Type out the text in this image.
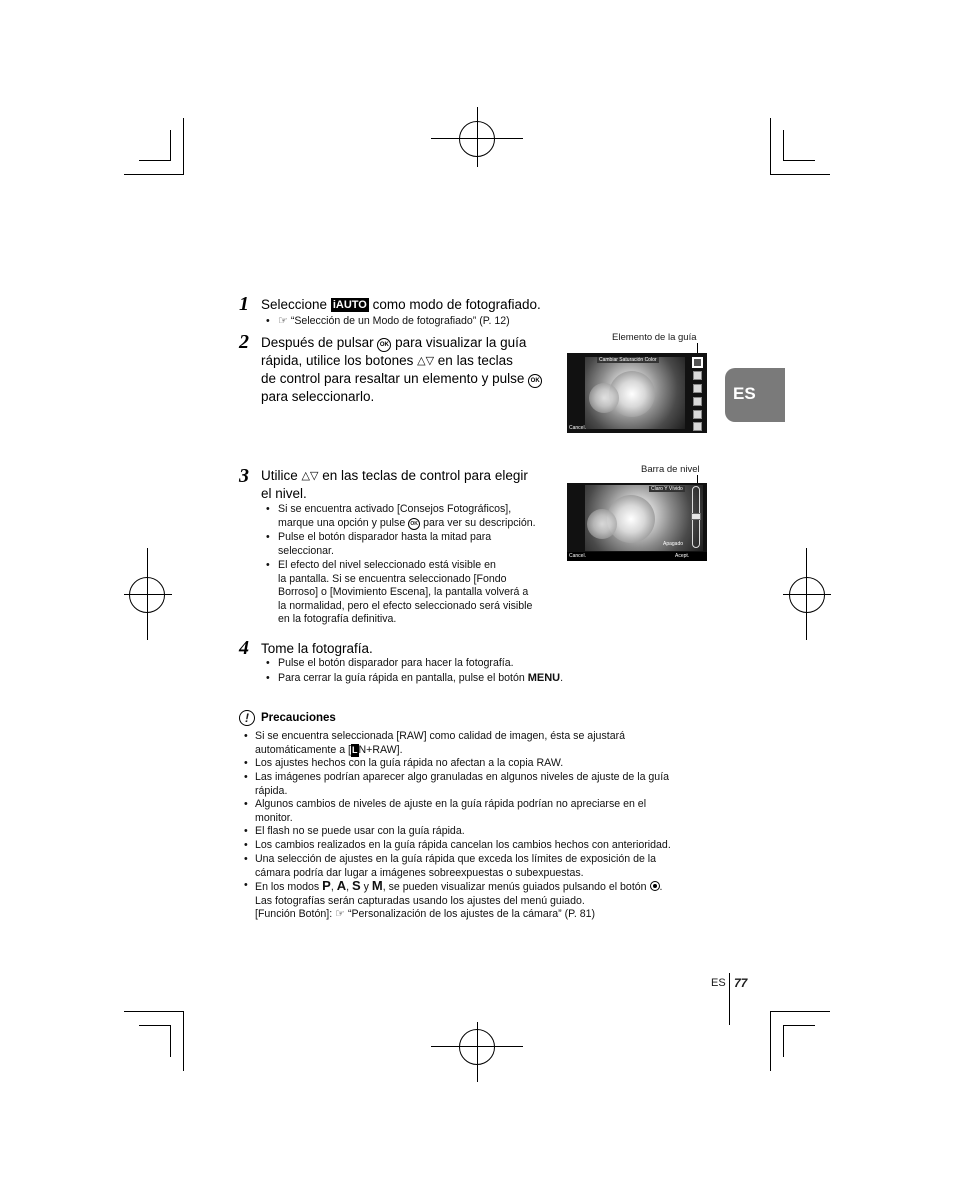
ES
1 Seleccione iAUTO como modo de fotografiado.
• ☞ “Selección de un Modo de fotografiado” (P. 12)
2 Después de pulsar OK para visualizar la guía
rápida, utilice los botones △▽ en las teclas
de control para resaltar un elemento y pulse OK
para seleccionarlo.
Elemento de la guía
Cambiar Saturación Color
Cancel.
3 Utilice △▽ en las teclas de control para elegir
el nivel.
• Si se encuentra activado [Consejos Fotográficos],
marque una opción y pulse OK para ver su descripción.
• Pulse el botón disparador hasta la mitad para
seleccionar.
• El efecto del nivel seleccionado está visible en
la pantalla. Si se encuentra seleccionado [Fondo
Borroso] o [Movimiento Escena], la pantalla volverá a
la normalidad, pero el efecto seleccionado será visible
en la fotografía definitiva.
Barra de nivel
Claro Y Vívido
Apagado
Cancel.	Acept.
4 Tome la fotografía.
• Pulse el botón disparador para hacer la fotografía.
• Para cerrar la guía rápida en pantalla, pulse el botón MENU.
!	Precauciones
• Si se encuentra seleccionada [RAW] como calidad de imagen, ésta se ajustará
automáticamente a [LN+RAW].
• Los ajustes hechos con la guía rápida no afectan a la copia RAW.
• Las imágenes podrían aparecer algo granuladas en algunos niveles de ajuste de la guía
rápida.
• Algunos cambios de niveles de ajuste en la guía rápida podrían no apreciarse en el
monitor.
• El flash no se puede usar con la guía rápida.
• Los cambios realizados en la guía rápida cancelan los cambios hechos con anterioridad.
• Una selección de ajustes en la guía rápida que exceda los límites de exposición de la
cámara podría dar lugar a imágenes sobreexpuestas o subexpuestas.
• En los modos P, A, S y M, se pueden visualizar menús guiados pulsando el botón .
Las fotografías serán capturadas usando los ajustes del menú guiado.
[Función Botón]: ☞ “Personalización de los ajustes de la cámara” (P. 81)
ES 77
